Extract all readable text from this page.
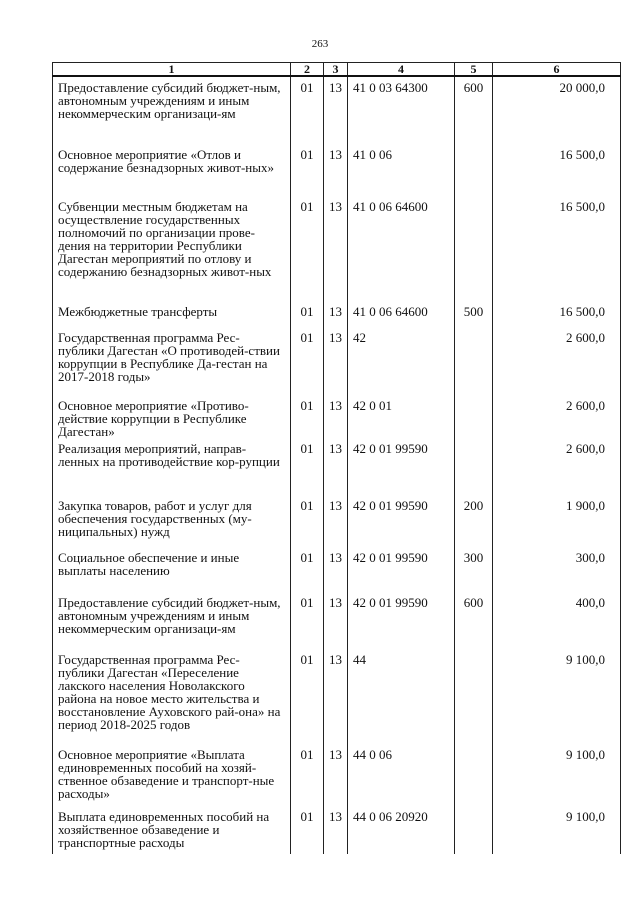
263
1	2	3	4	5	6
Предоставление субсидий бюджет-ным, автономным учреждениям и иным некоммерческим организаци-ям	01	13	41 0 03 64300	600	20 000,0
Основное мероприятие «Отлов и содержание безнадзорных живот-ных»	01	13	41 0 06		16 500,0
Субвенции местным бюджетам на осуществление государственных полномочий по организации прове-дения на территории Республики Дагестан мероприятий по отлову и содержанию безнадзорных живот-ных	01	13	41 0 06 64600		16 500,0
Межбюджетные трансферты	01	13	41 0 06 64600	500	16 500,0
Государственная программа Рес-публики Дагестан «О противодей-ствии коррупции в Республике Да-гестан на 2017-2018 годы»	01	13	42		2 600,0
Основное мероприятие «Противо-действие коррупции в Республике Дагестан»	01	13	42 0 01		2 600,0
Реализация мероприятий, направ-ленных на противодействие кор-рупции	01	13	42 0 01 99590		2 600,0
Закупка товаров, работ и услуг для обеспечения государственных (му-ниципальных) нужд	01	13	42 0 01 99590	200	1 900,0
Социальное обеспечение и иные выплаты населению	01	13	42 0 01 99590	300	300,0
Предоставление субсидий бюджет-ным, автономным учреждениям и иным некоммерческим организаци-ям	01	13	42 0 01 99590	600	400,0
Государственная программа Рес-публики Дагестан «Переселение лакского населения Новолакского района на новое место жительства и восстановление Ауховского рай-она» на период 2018-2025 годов	01	13	44		9 100,0
Основное мероприятие «Выплата единовременных пособий на хозяй-ственное обзаведение и транспорт-ные расходы»	01	13	44 0 06		9 100,0
Выплата единовременных пособий на хозяйственное обзаведение и транспортные расходы	01	13	44 0 06 20920		9 100,0
